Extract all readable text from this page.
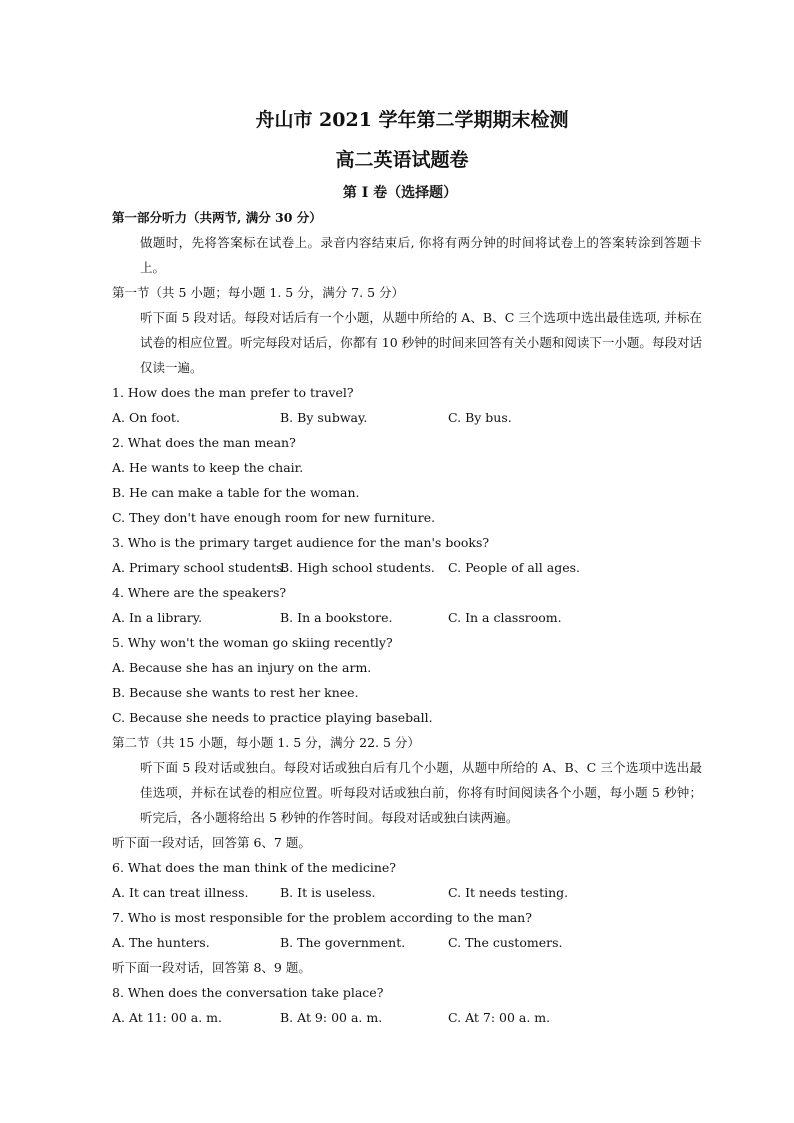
舟山市 2021 学年第二学期期末检测
高二英语试题卷
第 I 卷（选择题）
第一部分听力（共两节, 满分 30 分）
做题时，先将答案标在试卷上。录音内容结束后, 你将有两分钟的时间将试卷上的答案转涂到答题卡上。
第一节（共 5 小题；每小题 1. 5 分，满分 7. 5 分）
听下面 5 段对话。每段对话后有一个小题，从题中所给的 A、B、C 三个选项中选出最佳选项, 并标在试卷的相应位置。听完每段对话后，你都有 10 秒钟的时间来回答有关小题和阅读下一小题。每段对话仅读一遍。
1. How does the man prefer to travel?
A. On foot.	B. By subway.	C. By bus.
2. What does the man mean?
A. He wants to keep the chair.
B. He can make a table for the woman.
C. They don't have enough room for new furniture.
3. Who is the primary target audience for the man's books?
A. Primary school students.
B. High school students.	C. People of all ages.
4. Where are the speakers?
A. In a library.	B. In a bookstore.	C. In a classroom.
5. Why won't the woman go skiing recently?
A. Because she has an injury on the arm.
B. Because she wants to rest her knee.
C. Because she needs to practice playing baseball.
第二节（共 15 小题，每小题 1. 5 分，满分 22. 5 分）
听下面 5 段对话或独白。每段对话或独白后有几个小题，从题中所给的 A、B、C 三个选项中选出最佳选项，并标在试卷的相应位置。听每段对话或独白前，你将有时间阅读各个小题，每小题 5 秒钟；听完后，各小题将给出 5 秒钟的作答时间。每段对话或独白读两遍。
听下面一段对话，回答第 6、7 题。
6. What does the man think of the medicine?
A. It can treat illness.	B. It is useless.	C. It needs testing.
7. Who is most responsible for the problem according to the man?
A. The hunters.	B. The government.	C. The customers.
听下面一段对话，回答第 8、9 题。
8. When does the conversation take place?
A. At 11: 00 a. m.	B. At 9: 00 a. m.	C. At 7: 00 a. m.
